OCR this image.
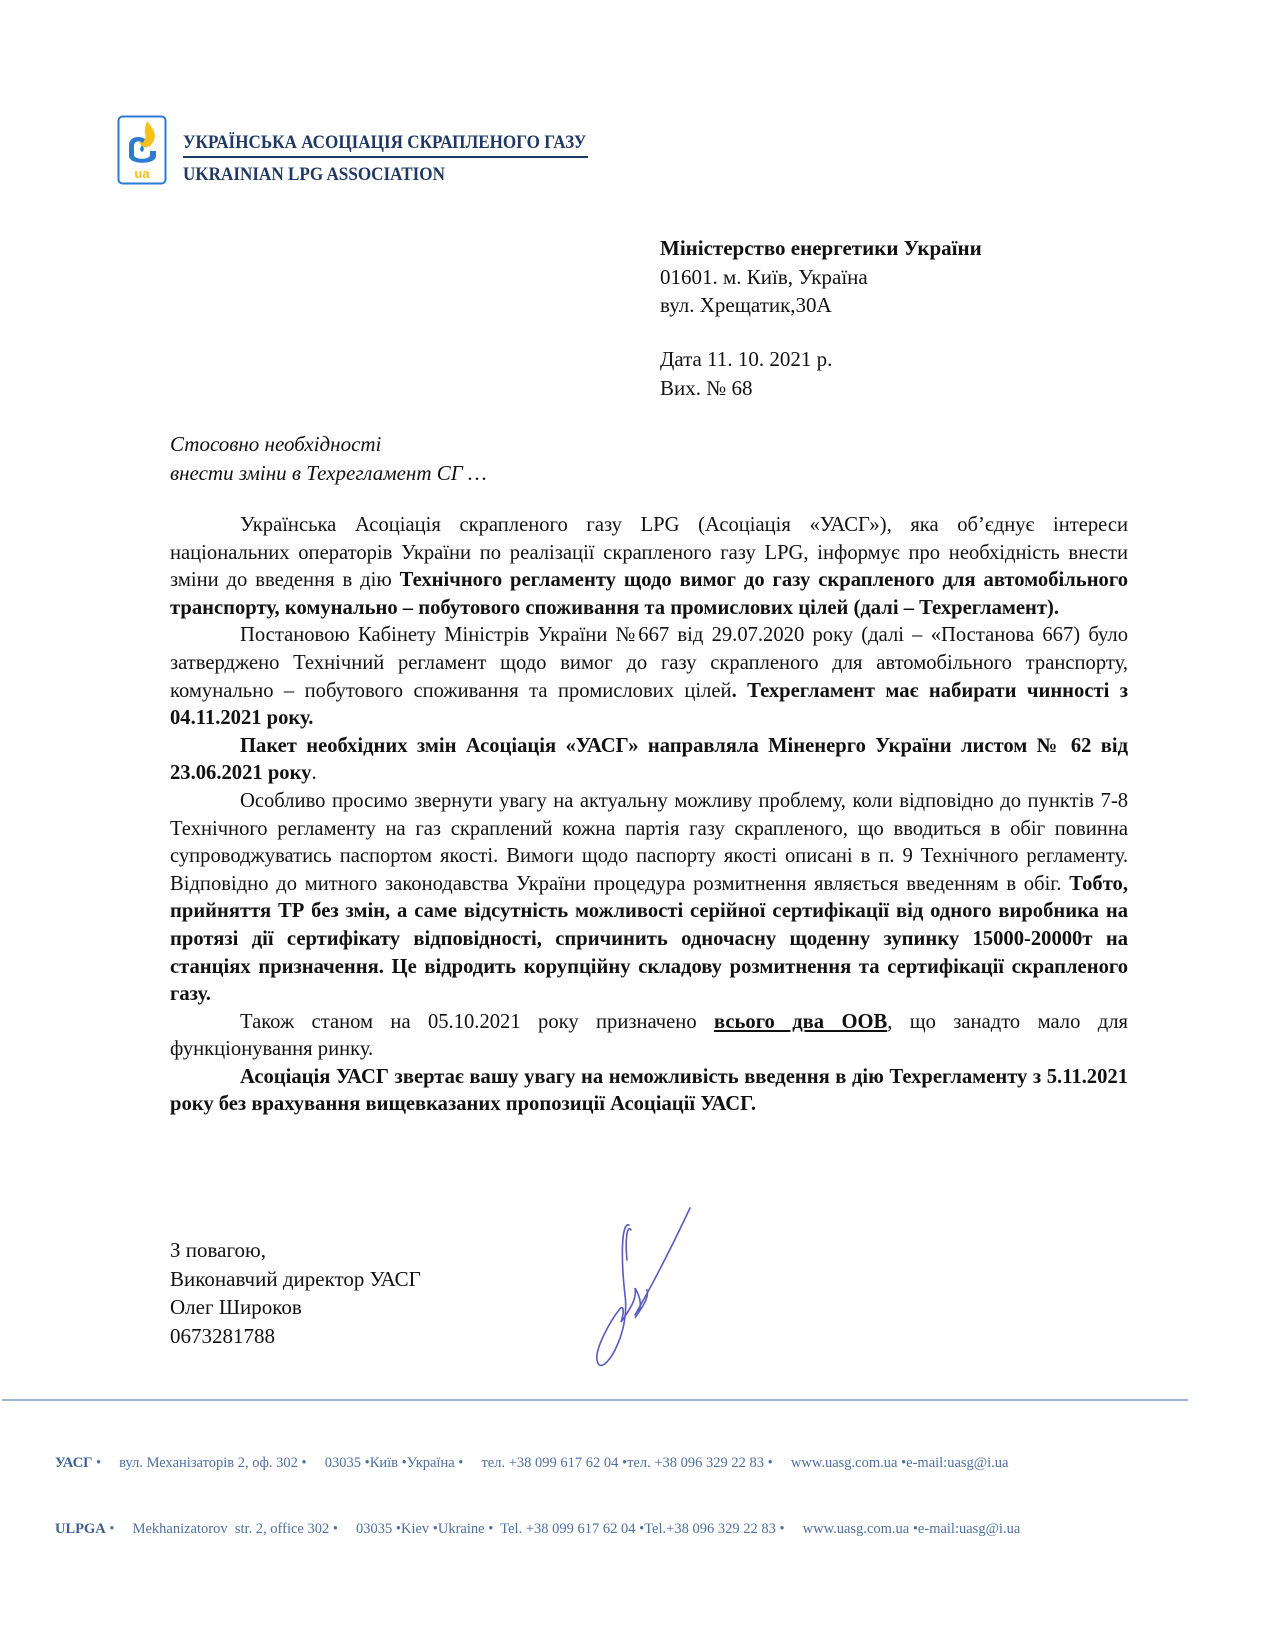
ua
УКРАЇНСЬКА АСОЦІАЦІЯ СКРАПЛЕНОГО ГАЗУ
UKRAINIAN LPG ASSOCIATION
Міністерство енергетики України
01601. м. Київ, Україна
вул. Хрещатик,30А
Дата 11. 10. 2021 р.
Вих. № 68
Стосовно необхідності
внести зміни в Техрегламент СГ …

Українська Асоціація скрапленого газу LPG (Асоціація «УАСГ»), яка об’єднує інтереси національних операторів України по реалізації скрапленого газу LPG, інформує про необхідність внести зміни до введення в дію Технічного регламенту щодо вимог до газу скрапленого для автомобільного транспорту, комунально – побутового споживання та промислових цілей (далі – Техрегламент).

Постановою Кабінету Міністрів України №667 від 29.07.2020 року (далі – «Постанова 667) було затверджено Технічний регламент щодо вимог до газу скрапленого для автомобільного транспорту, комунально – побутового споживання та промислових цілей. Техрегламент має набирати чинності з 04.11.2021 року.

Пакет необхідних змін Асоціація «УАСГ» направляла Міненерго України листом № 62 від 23.06.2021 року.

Особливо просимо звернути увагу на актуальну можливу проблему, коли відповідно до пунктів 7-8 Технічного регламенту на газ скраплений кожна партія газу скрапленого, що вводиться в обіг повинна супроводжуватись паспортом якості. Вимоги щодо паспорту якості описані в п. 9 Технічного регламенту. Відповідно до митного законодавства України процедура розмитнення являється введенням в обіг. Тобто, прийняття ТР без змін, а саме відсутність можливості серійної сертифікації від одного виробника на протязі дії сертифікату відповідності, спричинить одночасну щоденну зупинку 15000-20000т на станціях призначення. Це відродить корупційну складову розмитнення та сертифікації скрапленого газу.

Також станом на 05.10.2021 року призначено всього два ООВ, що занадто мало для функціонування ринку.

Асоціація УАСГ звертає вашу увагу на неможливість введення в дію Техрегламенту з 5.11.2021 року без врахування вищевказаних пропозиції Асоціації УАСГ.

З повагою,
Виконавчий директор УАСГ
Олег Широков
0673281788

УАСГ •     вул. Механізаторів 2, оф. 302 •     03035 •Київ •Україна •     тел. +38 099 617 62 04 •тел. +38 096 329 22 83 •     www.uasg.com.ua •e-mail:uasg@i.ua

ULPGA •     Mekhanizatorov  str. 2, office 302 •     03035 •Kiev •Ukraine •  Tel. +38 099 617 62 04 •Tel.+38 096 329 22 83 •     www.uasg.com.ua •e-mail:uasg@i.ua
